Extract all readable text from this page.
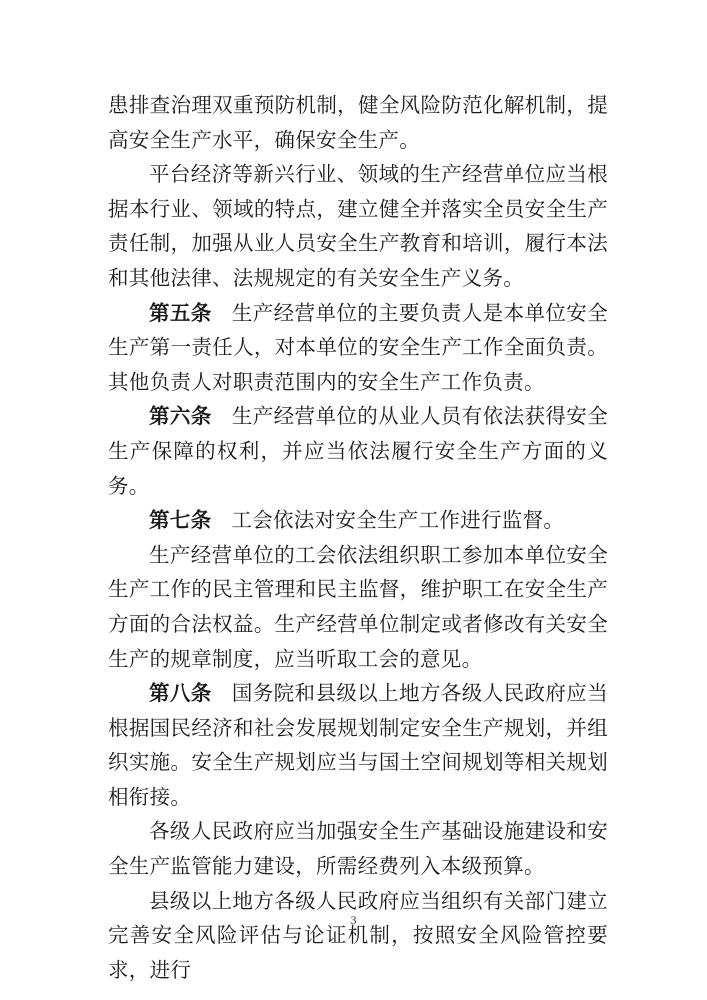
患排查治理双重预防机制，健全风险防范化解机制，提高安全生产水平，确保安全生产。

平台经济等新兴行业、领域的生产经营单位应当根据本行业、领域的特点，建立健全并落实全员安全生产责任制，加强从业人员安全生产教育和培训，履行本法和其他法律、法规规定的有关安全生产义务。

第五条 生产经营单位的主要负责人是本单位安全生产第一责任人，对本单位的安全生产工作全面负责。其他负责人对职责范围内的安全生产工作负责。

第六条 生产经营单位的从业人员有依法获得安全生产保障的权利，并应当依法履行安全生产方面的义务。

第七条 工会依法对安全生产工作进行监督。

生产经营单位的工会依法组织职工参加本单位安全生产工作的民主管理和民主监督，维护职工在安全生产方面的合法权益。生产经营单位制定或者修改有关安全生产的规章制度，应当听取工会的意见。

第八条 国务院和县级以上地方各级人民政府应当根据国民经济和社会发展规划制定安全生产规划，并组织实施。安全生产规划应当与国土空间规划等相关规划相衔接。

各级人民政府应当加强安全生产基础设施建设和安全生产监管能力建设，所需经费列入本级预算。

县级以上地方各级人民政府应当组织有关部门建立完善安全风险评估与论证机制，按照安全风险管控要求，进行

3
